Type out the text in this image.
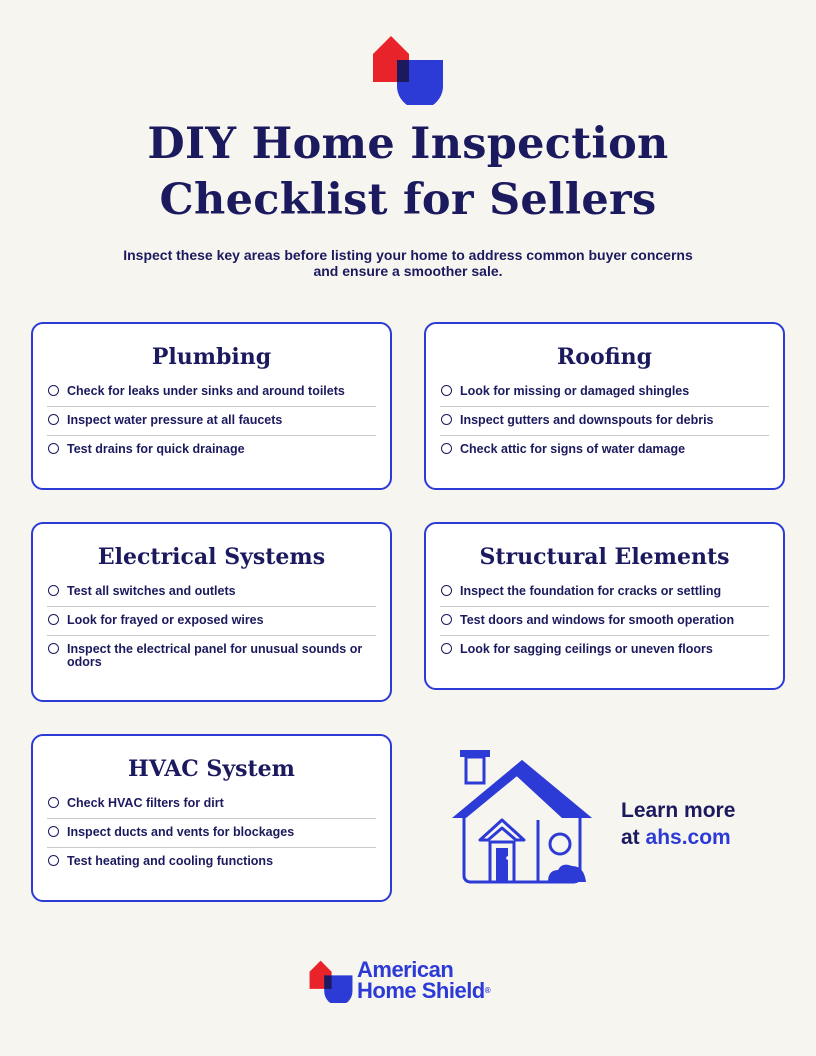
DIY Home Inspection
Checklist for Sellers
Inspect these key areas before listing your home to address common buyer concerns
and ensure a smoother sale.
Plumbing
Check for leaks under sinks and around toilets
Inspect water pressure at all faucets
Test drains for quick drainage
Roofing
Look for missing or damaged shingles
Inspect gutters and downspouts for debris
Check attic for signs of water damage
Electrical Systems
Test all switches and outlets
Look for frayed or exposed wires
Inspect the electrical panel for unusual sounds or odors
Structural Elements
Inspect the foundation for cracks or settling
Test doors and windows for smooth operation
Look for sagging ceilings or uneven floors
HVAC System
Check HVAC filters for dirt
Inspect ducts and vents for blockages
Test heating and cooling functions
Learn more
at ahs.com
American
Home Shield®
